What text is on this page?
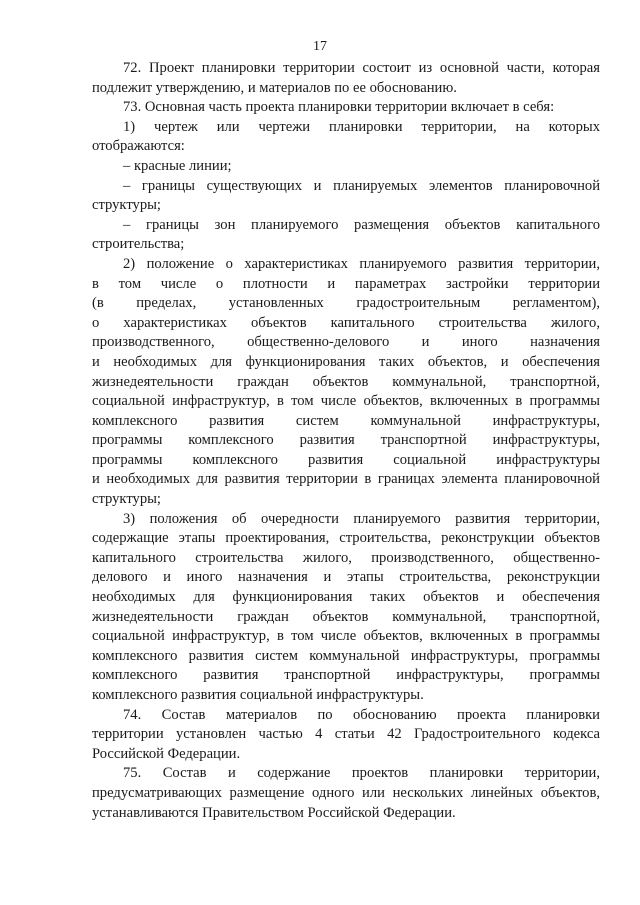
17
72. Проект планировки территории состоит из основной части, которая
подлежит утверждению, и материалов по ее обоснованию.
73. Основная часть проекта планировки территории включает в себя:
1) чертеж или чертежи планировки территории, на которых
отображаются:
– красные линии;
– границы существующих и планируемых элементов планировочной
структуры;
– границы зон планируемого размещения объектов капитального
строительства;
2) положение о характеристиках планируемого развития территории,
в том числе о плотности и параметрах застройки территории
(в пределах, установленных градостроительным регламентом),
о характеристиках объектов капитального строительства жилого,
производственного, общественно-делового и иного назначения
и необходимых для функционирования таких объектов, и обеспечения
жизнедеятельности граждан объектов коммунальной, транспортной,
социальной инфраструктур, в том числе объектов, включенных в программы
комплексного развития систем коммунальной инфраструктуры,
программы комплексного развития транспортной инфраструктуры,
программы комплексного развития социальной инфраструктуры
и необходимых для развития территории в границах элемента планировочной
структуры;
3) положения об очередности планируемого развития территории,
содержащие этапы проектирования, строительства, реконструкции объектов
капитального строительства жилого, производственного, общественно-
делового и иного назначения и этапы строительства, реконструкции
необходимых для функционирования таких объектов и обеспечения
жизнедеятельности граждан объектов коммунальной, транспортной,
социальной инфраструктур, в том числе объектов, включенных в программы
комплексного развития систем коммунальной инфраструктуры, программы
комплексного развития транспортной инфраструктуры, программы
комплексного развития социальной инфраструктуры.
74. Состав материалов по обоснованию проекта планировки
территории установлен частью 4 статьи 42 Градостроительного кодекса
Российской Федерации.
75. Состав и содержание проектов планировки территории,
предусматривающих размещение одного или нескольких линейных объектов,
устанавливаются Правительством Российской Федерации.
